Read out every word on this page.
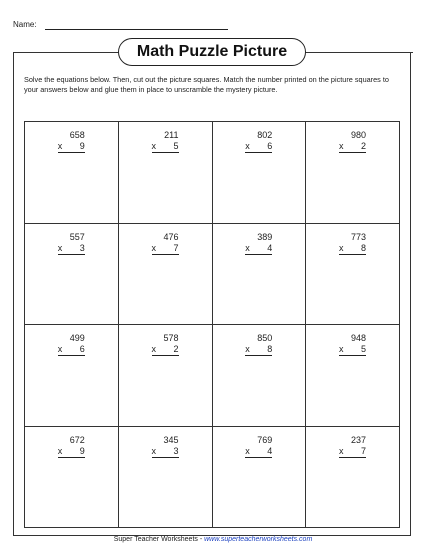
Name:
Math Puzzle Picture
Solve the equations below. Then, cut out the picture squares. Match the number printed on the picture squares to your answers below and glue them in place to unscramble the mystery picture.
658
x 9
211
x 5
802
x 6
980
x 2
557
x 3
476
x 7
389
x 4
773
x 8
499
x 6
578
x 2
850
x 8
948
x 5
672
x 9
345
x 3
769
x 4
237
x 7
Super Teacher Worksheets - www.superteacherworksheets.com
